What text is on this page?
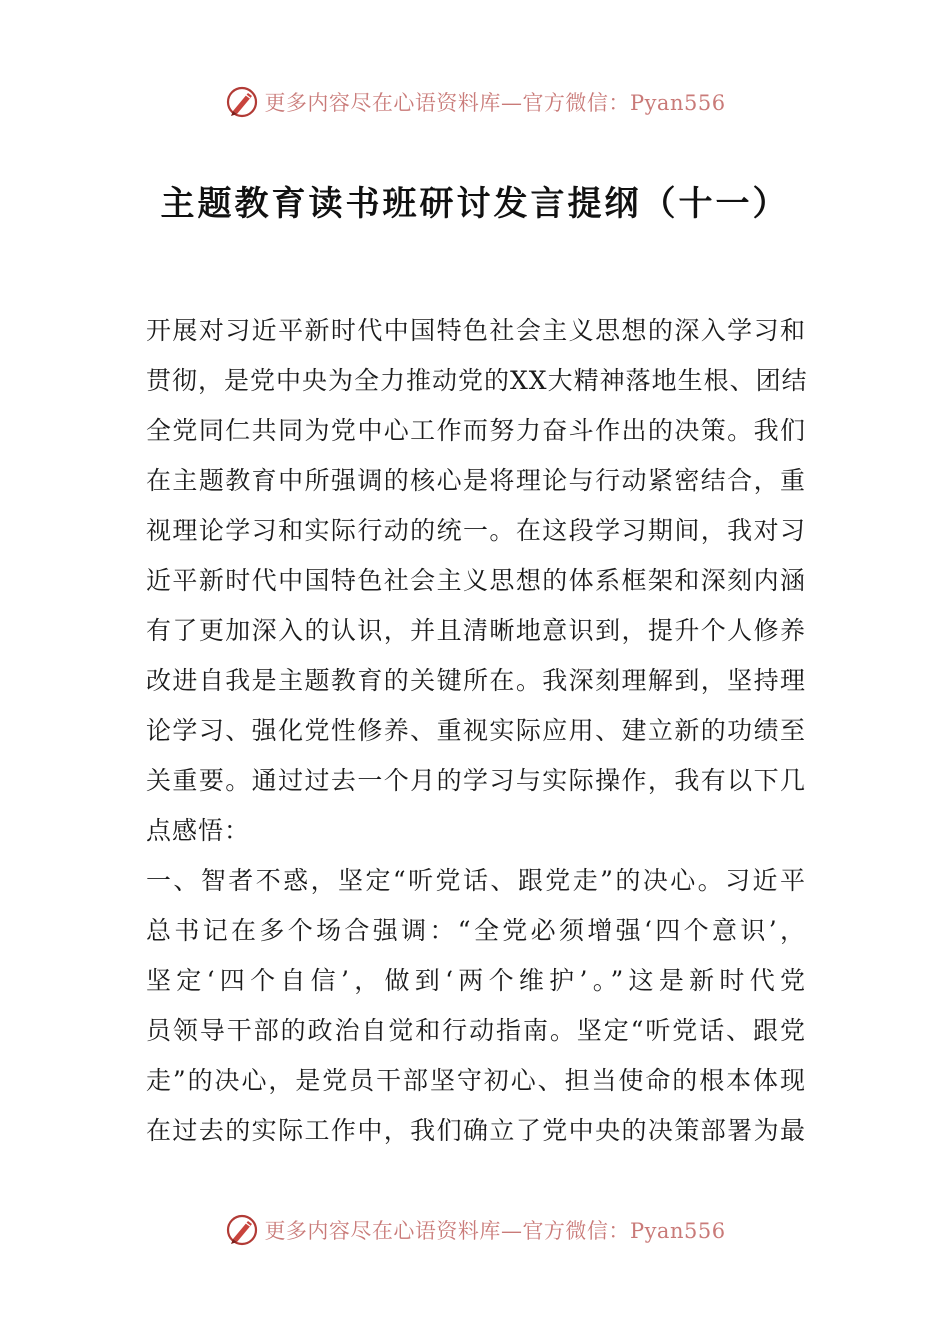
更多内容尽在心语资料库—官方微信：Pyan556
主题教育读书班研讨发言提纲（十一）
开展对习近平新时代中国特色社会主义思想的深入学习和
贯彻，是党中央为全力推动党的XX大精神落地生根、团结
全党同仁共同为党中心工作而努力奋斗作出的决策。我们
在主题教育中所强调的核心是将理论与行动紧密结合，重
视理论学习和实际行动的统一。在这段学习期间，我对习
近平新时代中国特色社会主义思想的体系框架和深刻内涵
有了更加深入的认识，并且清晰地意识到，提升个人修养
改进自我是主题教育的关键所在。我深刻理解到，坚持理
论学习、强化党性修养、重视实际应用、建立新的功绩至
关重要。通过过去一个月的学习与实际操作，我有以下几
点感悟：
一、智者不惑，坚定“听党话、跟党走”的决心。习近平
总书记在多个场合强调：“全党必须增强‘四个意识’，
坚定‘四个自信’，做到‘两个维护’。”这是新时代党
员领导干部的政治自觉和行动指南。坚定“听党话、跟党
走”的决心，是党员干部坚守初心、担当使命的根本体现
在过去的实际工作中，我们确立了党中央的决策部署为最
更多内容尽在心语资料库—官方微信：Pyan556
